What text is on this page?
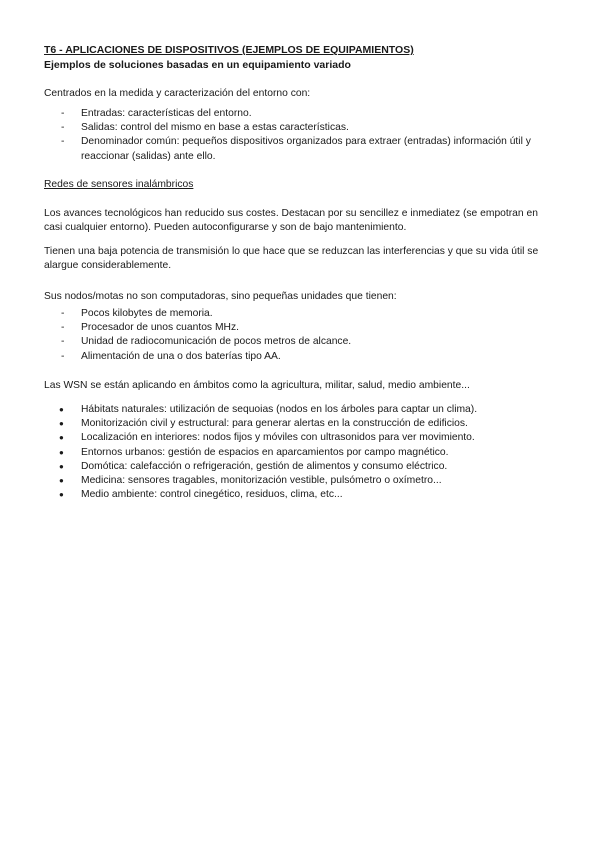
T6 - APLICACIONES DE DISPOSITIVOS (EJEMPLOS DE EQUIPAMIENTOS)
Ejemplos de soluciones basadas en un equipamiento variado

Centrados en la medida y caracterización del entorno con:

- Entradas: características del entorno.
- Salidas: control del mismo en base a estas características.
- Denominador común: pequeños dispositivos organizados para extraer (entradas) información útil y reaccionar (salidas) ante ello.

Redes de sensores inalámbricos

Los avances tecnológicos han reducido sus costes. Destacan por su sencillez e inmediatez (se empotran en casi cualquier entorno). Pueden autoconfigurarse y son de bajo mantenimiento.

Tienen una baja potencia de transmisión lo que hace que se reduzcan las interferencias y que su vida útil se alargue considerablemente.

Sus nodos/motas no son computadoras, sino pequeñas unidades que tienen:

- Pocos kilobytes de memoria.
- Procesador de unos cuantos MHz.
- Unidad de radiocomunicación de pocos metros de alcance.
- Alimentación de una o dos baterías tipo AA.

Las WSN se están aplicando en ámbitos como la agricultura, militar, salud, medio ambiente...

● Hábitats naturales: utilización de sequoias (nodos en los árboles para captar un clima).
● Monitorización civil y estructural: para generar alertas en la construcción de edificios.
● Localización en interiores: nodos fijos y móviles con ultrasonidos para ver movimiento.
● Entornos urbanos: gestión de espacios en aparcamientos por campo magnético.
● Domótica: calefacción o refrigeración, gestión de alimentos y consumo eléctrico.
● Medicina: sensores tragables, monitorización vestible, pulsómetro o oxímetro...
● Medio ambiente: control cinegético, residuos, clima, etc...
